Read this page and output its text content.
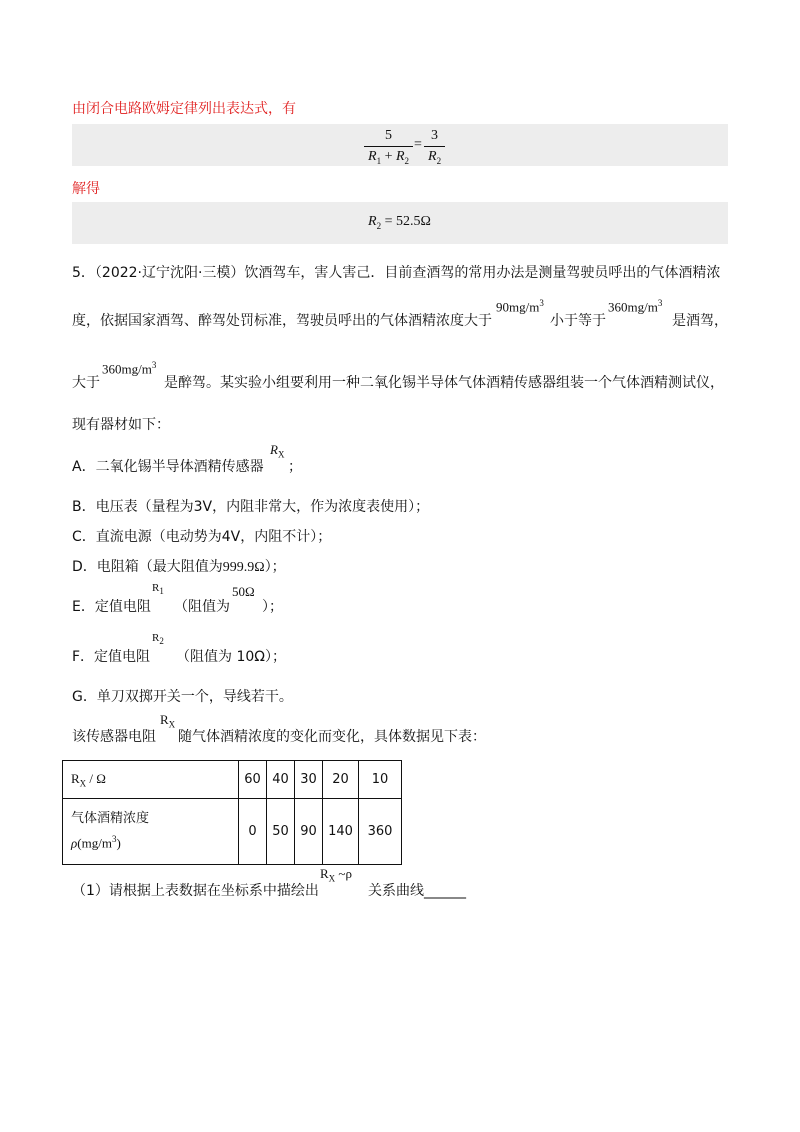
由闭合电路欧姆定律列出表达式，有
5
$R_1 + R_2$
=
3
$R_2$
解得
$R_2 = 52.5\Omega$
5．（2022·辽宁沈阳·三模）饮酒驾车，害人害己．目前查酒驾的常用办法是测量驾驶员呼出的气体酒精浓
度，依据国家酒驾、醉驾处罚标准，驾驶员呼出的气体酒精浓度大于
$90mg/m^3$
小于等于
$360mg/m^3$
是酒驾，
大于
$360mg/m^3$
是醉驾。某实验小组要利用一种二氧化锡半导体气体酒精传感器组装一个气体酒精测试仪，
现有器材如下：
A．二氧化锡半导体酒精传感器
$R_X$
；
B．电压表（量程为3V，内阻非常大，作为浓度表使用）；
C．直流电源（电动势为4V，内阻不计）；
D．电阻箱（最大阻值为999.9Ω）；
E．定值电阻
$R_1$
（阻值为
50Ω
）；
F．定值电阻
$R_2$
（阻值为 10Ω）；
G．单刀双掷开关一个，导线若干。
该传感器电阻
$R_X$
随气体酒精浓度的变化而变化，具体数据见下表：
$R_X$ / Ω	60	40	30	20	10

气体酒精浓度
$\rho(mg/m^3)$	0	50	90	140	360
（1）请根据上表数据在坐标系中描绘出
$R_X$ ~ρ
关系曲线______
